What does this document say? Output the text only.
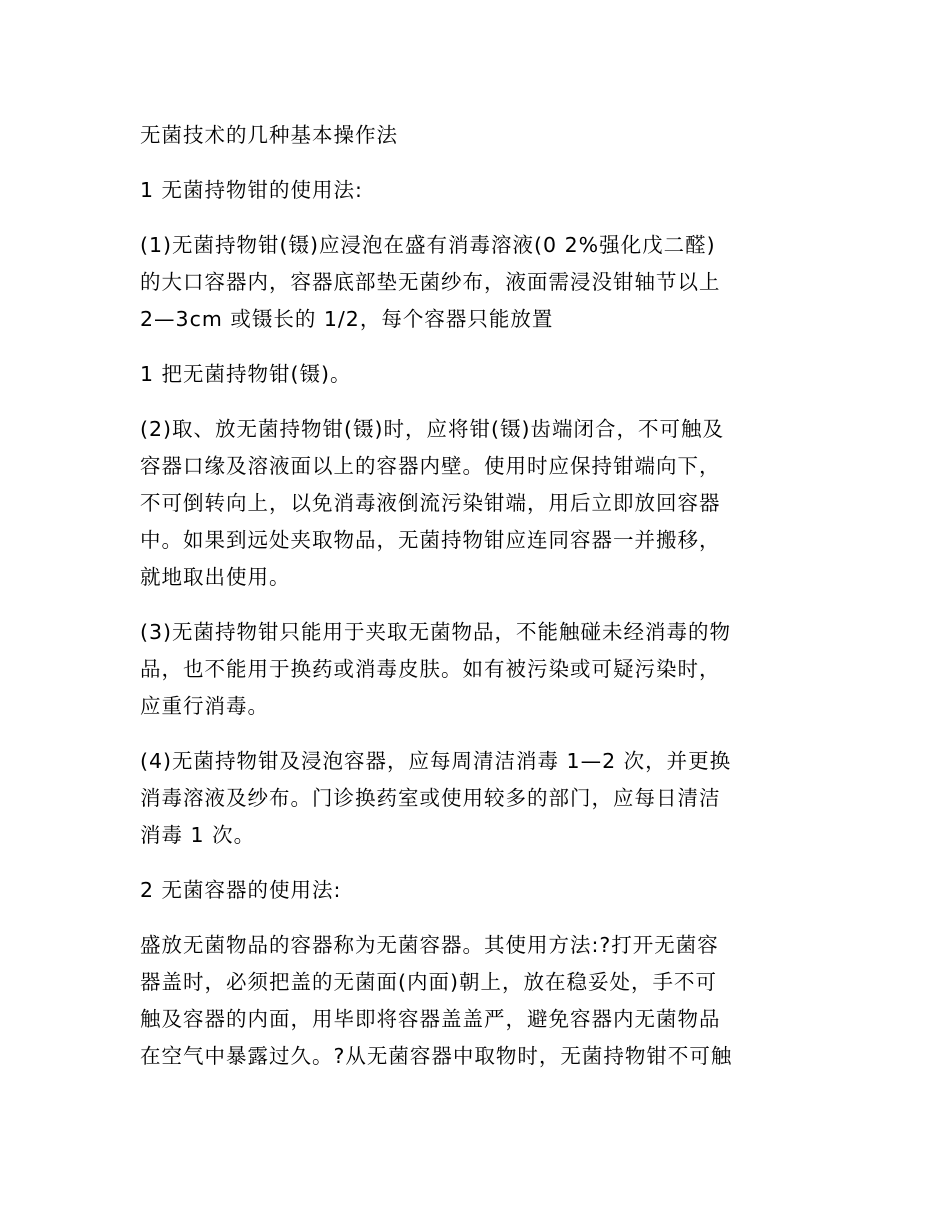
无菌技术的几种基本操作法

1 无菌持物钳的使用法:

(1)无菌持物钳(镊)应浸泡在盛有消毒溶液(0 2%强化戊二醛)
的大口容器内，容器底部垫无菌纱布，液面需浸没钳轴节以上
2—3cm 或镊长的 1/2，每个容器只能放置

1 把无菌持物钳(镊)。

(2)取、放无菌持物钳(镊)时，应将钳(镊)齿端闭合，不可触及
容器口缘及溶液面以上的容器内壁。使用时应保持钳端向下，
不可倒转向上，以免消毒液倒流污染钳端，用后立即放回容器
中。如果到远处夹取物品，无菌持物钳应连同容器一并搬移，
就地取出使用。

(3)无菌持物钳只能用于夹取无菌物品，不能触碰未经消毒的物
品，也不能用于换药或消毒皮肤。如有被污染或可疑污染时，
应重行消毒。

(4)无菌持物钳及浸泡容器，应每周清洁消毒 1—2 次，并更换
消毒溶液及纱布。门诊换药室或使用较多的部门，应每日清洁
消毒 1 次。

2 无菌容器的使用法:

盛放无菌物品的容器称为无菌容器。其使用方法:?打开无菌容
器盖时，必须把盖的无菌面(内面)朝上，放在稳妥处，手不可
触及容器的内面，用毕即将容器盖盖严，避免容器内无菌物品
在空气中暴露过久。?从无菌容器中取物时，无菌持物钳不可触
